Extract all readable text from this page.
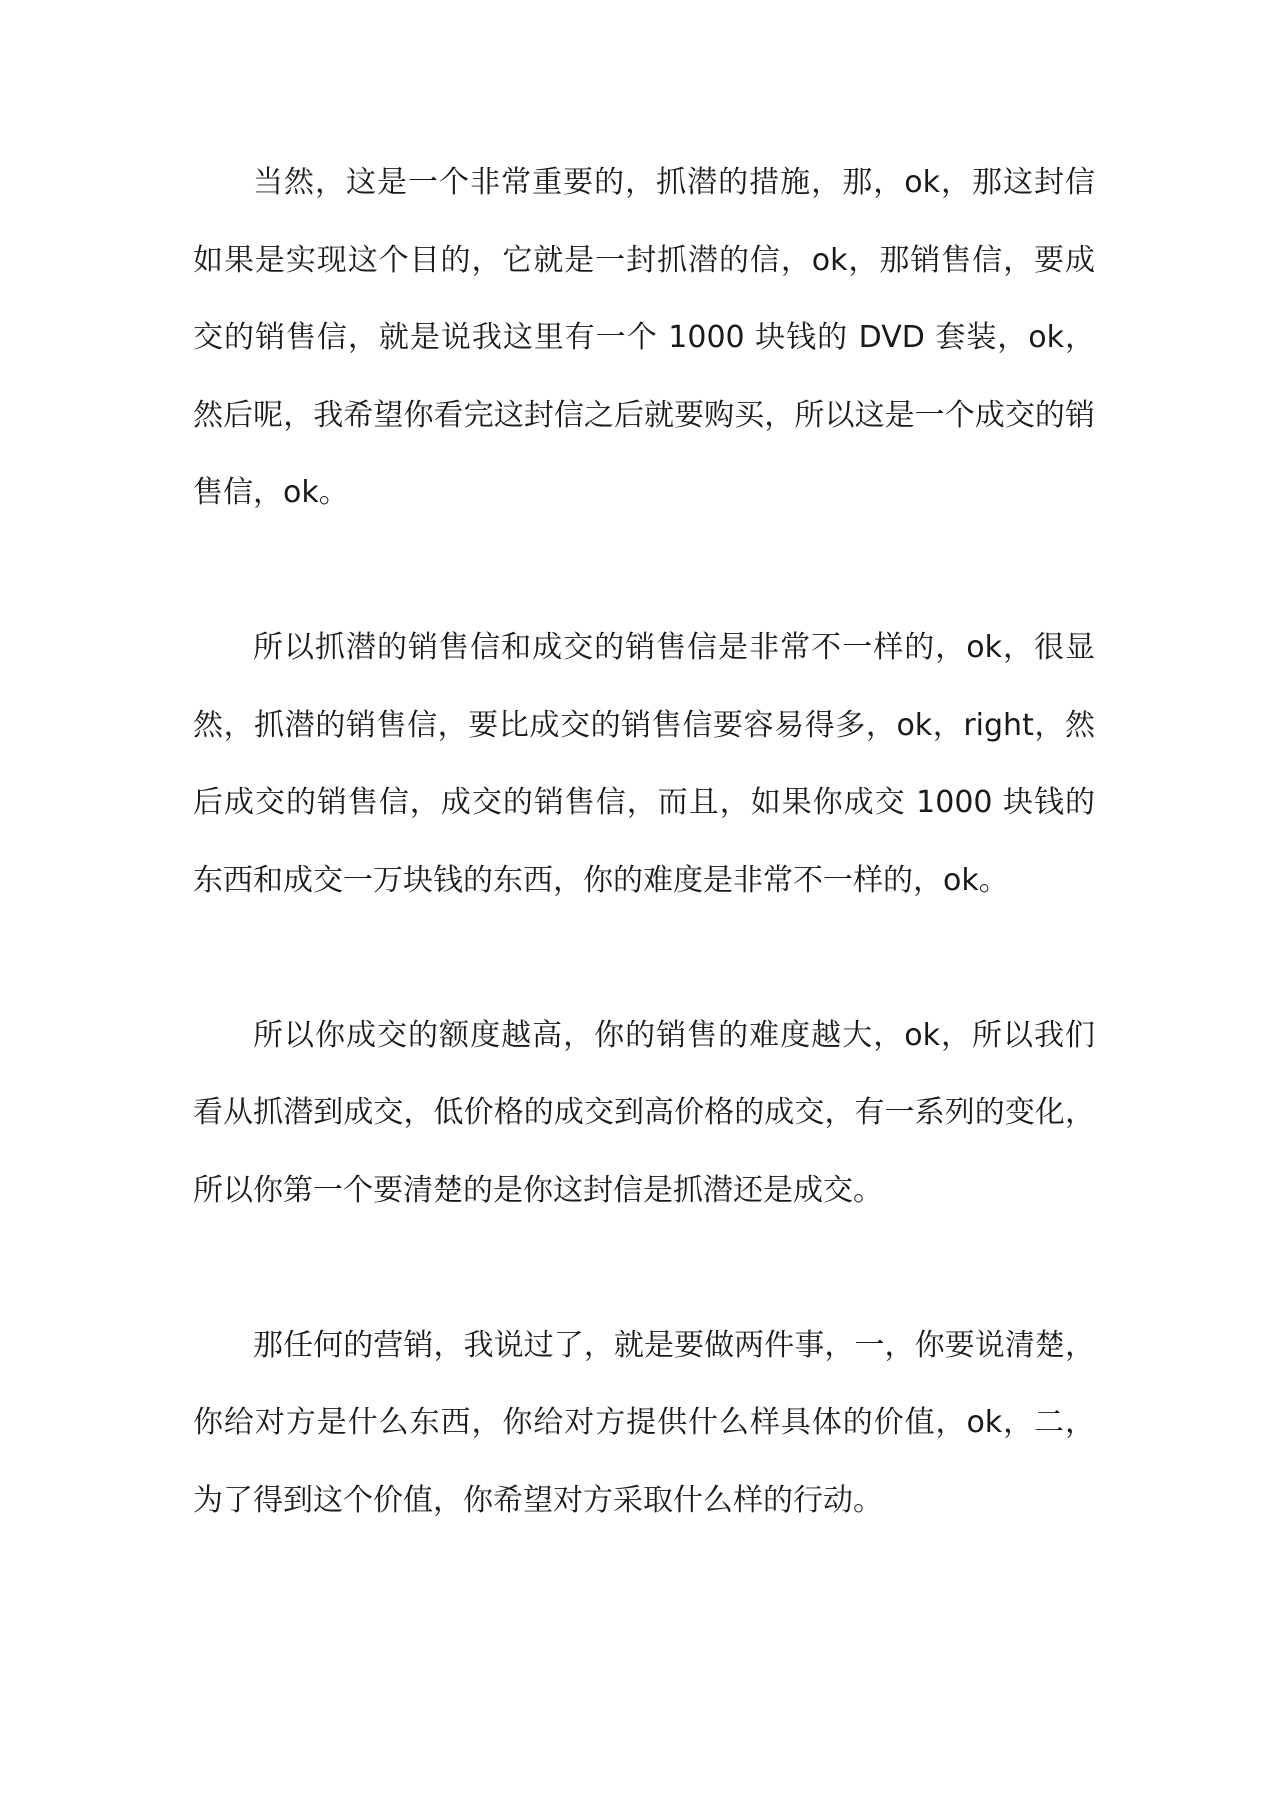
当然，这是一个非常重要的，抓潜的措施，那，ok，那这封信如果是实现这个目的，它就是一封抓潜的信，ok，那销售信，要成交的销售信，就是说我这里有一个 1000 块钱的 DVD 套装，ok，然后呢，我希望你看完这封信之后就要购买，所以这是一个成交的销售信，ok。

所以抓潜的销售信和成交的销售信是非常不一样的，ok，很显然，抓潜的销售信，要比成交的销售信要容易得多，ok，right，然后成交的销售信，成交的销售信，而且，如果你成交 1000 块钱的东西和成交一万块钱的东西，你的难度是非常不一样的，ok。

所以你成交的额度越高，你的销售的难度越大，ok，所以我们看从抓潜到成交，低价格的成交到高价格的成交，有一系列的变化，所以你第一个要清楚的是你这封信是抓潜还是成交。

那任何的营销，我说过了，就是要做两件事，一，你要说清楚，你给对方是什么东西，你给对方提供什么样具体的价值，ok，二，为了得到这个价值，你希望对方采取什么样的行动。
